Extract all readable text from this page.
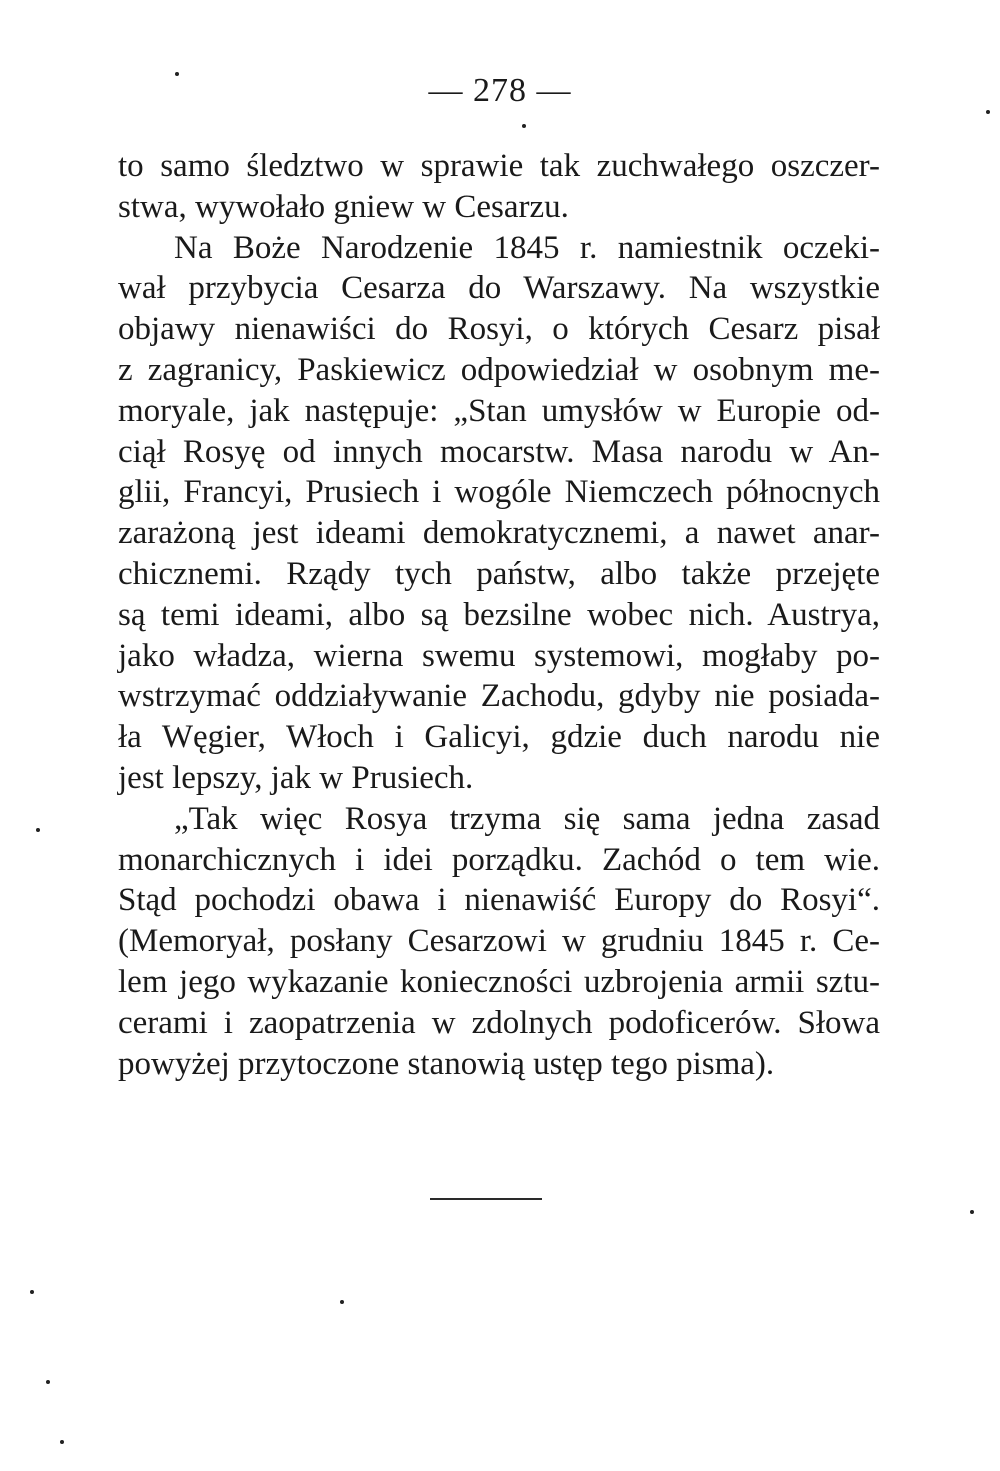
— 278 —
to samo śledztwo w sprawie tak zuchwałego oszczer-
stwa, wywołało gniew w Cesarzu.
Na Boże Narodzenie 1845 r. namiestnik oczeki-
wał przybycia Cesarza do Warszawy. Na wszystkie
objawy nienawiści do Rosyi, o których Cesarz pisał
z zagranicy, Paskiewicz odpowiedział w osobnym me-
moryale, jak następuje: „Stan umysłów w Europie od-
ciął Rosyę od innych mocarstw. Masa narodu w An-
glii, Francyi, Prusiech i wogóle Niemczech północnych
zarażoną jest ideami demokratycznemi, a nawet anar-
chicznemi. Rządy tych państw, albo także przejęte
są temi ideami, albo są bezsilne wobec nich. Austrya,
jako władza, wierna swemu systemowi, mogłaby po-
wstrzymać oddziaływanie Zachodu, gdyby nie posiada-
ła Węgier, Włoch i Galicyi, gdzie duch narodu nie
jest lepszy, jak w Prusiech.
„Tak więc Rosya trzyma się sama jedna zasad
monarchicznych i idei porządku. Zachód o tem wie.
Stąd pochodzi obawa i nienawiść Europy do Rosyi“.
(Memoryał, posłany Cesarzowi w grudniu 1845 r. Ce-
lem jego wykazanie konieczności uzbrojenia armii sztu-
cerami i zaopatrzenia w zdolnych podoficerów. Słowa
powyżej przytoczone stanowią ustęp tego pisma).
